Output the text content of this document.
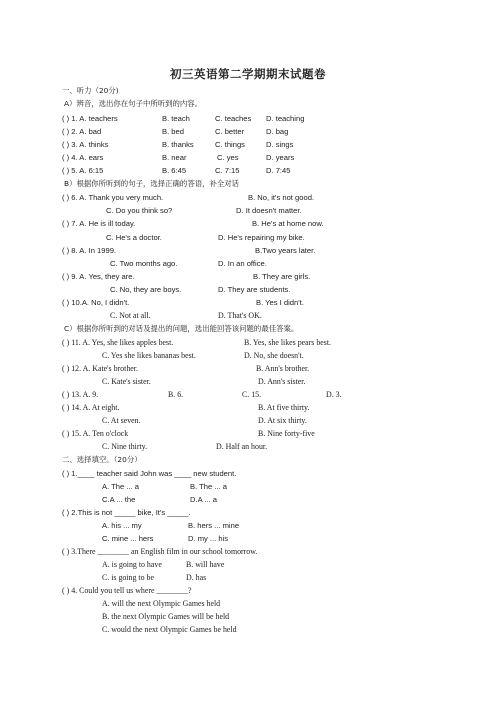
初三英语第二学期期末试题卷
一、听力（20分)
A）辨音，选出你在句子中所听到的内容。
( ) 1. A. teachers	B. teach	C. teaches D. teaching
( ) 2. A. bad	B. bed	C. better	D. bag
( ) 3. A. thinks	B. thanks	C. things	D. sings
( ) 4. A. ears	B. near	C. yes	D. years
( ) 5. A. 6:15	B. 6:45	C. 7:15	D. 7:45
B）根据你所听到的句子，选择正确的答语，补全对话
( ) 6. A. Thank you very much.	B. No, it's not good.
C. Do you think so?	D. It doesn't matter.
( ) 7. A. He is ill today.	B. He's at home now.
C. He's a doctor.	D. He's repairing my bike.
( ) 8. A. In 1999.	B.Two years later.
C. Two months ago.	D. In an office.
( ) 9. A. Yes, they are.	B. They are girls.
C. No, they are boys.	D. They are students.
( ) 10.A. No, I didn't.	B. Yes I didn't.
C. Not at all.	D. That's OK.
C）根据你所听到的对话及提出的问题，选出能回答该问题的最佳答案。
( ) 11. A. Yes, she likes apples best.	B. Yes, she likes pears best.
C. Yes she likes bananas best.	D. No, she doesn't.
( ) 12. A. Kate's brother.	B. Ann's brother.
C. Kate's sister.	D. Ann's sister.
( ) 13. A. 9.	B. 6.	C. 15.	D. 3.
( ) 14. A. At eight.	B. At five thirty.
C. At seven.	D. At six thirty.
( ) 15. A. Ten o'clock	B. Nine forty-five
C. Nine thirty.	D. Half an hour.
二、选择填空。（20分）
( ) 1.____ teacher said John was ____ new student.
A. The ... a	B. The ... a
C.A ... the	D.A ... a
( ) 2.This is not _____ bike, It's _____.
A. his ... my	B. hers ... mine
C. mine ... hers	D. my ... his
( ) 3.There ________ an English film in our school tomorrow.
A. is going to have	B. will have
C. is going to be	D. has
( ) 4. Could you tell us where ________?
A. will the next Olympic Games held
B. the next Olympic Games will be held
C. would the next Olympic Games be held
